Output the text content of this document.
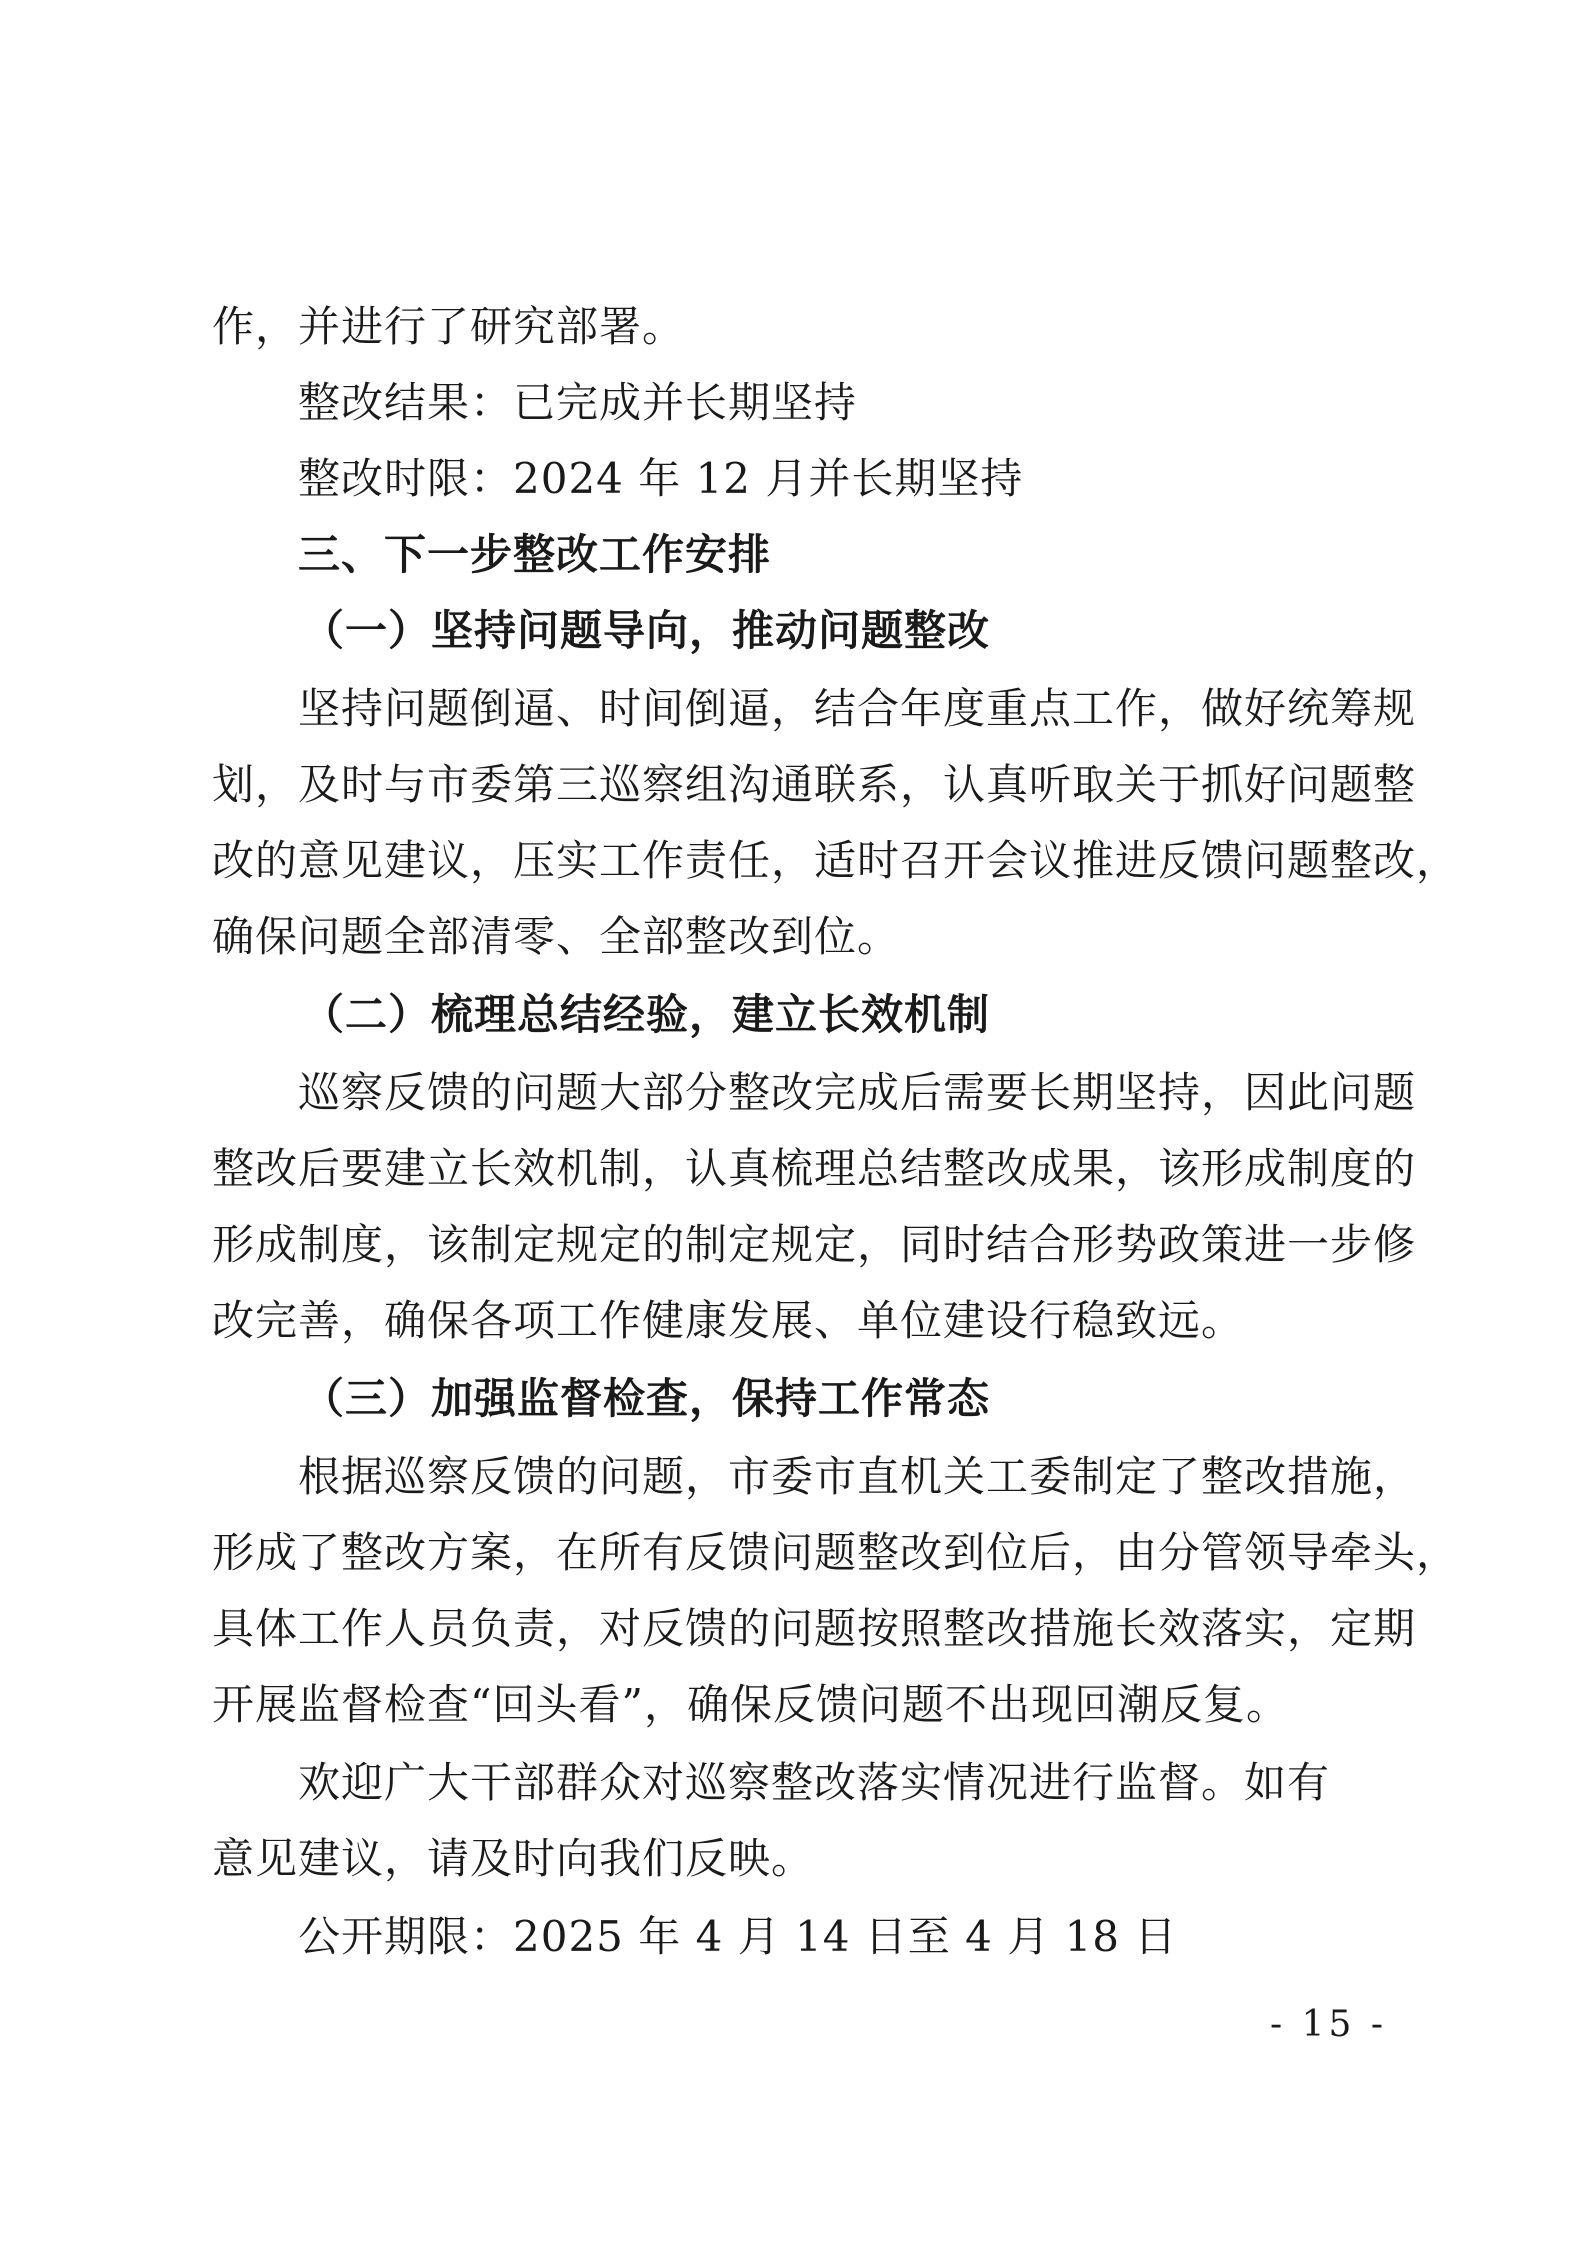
作，并进行了研究部署。
整改结果：已完成并长期坚持
整改时限：2024 年 12 月并长期坚持
三、下一步整改工作安排
（一）坚持问题导向，推动问题整改
坚持问题倒逼、时间倒逼，结合年度重点工作，做好统筹规
划，及时与市委第三巡察组沟通联系，认真听取关于抓好问题整
改的意见建议，压实工作责任，适时召开会议推进反馈问题整改，
确保问题全部清零、全部整改到位。
（二）梳理总结经验，建立长效机制
巡察反馈的问题大部分整改完成后需要长期坚持，因此问题
整改后要建立长效机制，认真梳理总结整改成果，该形成制度的
形成制度，该制定规定的制定规定，同时结合形势政策进一步修
改完善，确保各项工作健康发展、单位建设行稳致远。
（三）加强监督检查，保持工作常态
根据巡察反馈的问题，市委市直机关工委制定了整改措施，
形成了整改方案，在所有反馈问题整改到位后，由分管领导牵头，
具体工作人员负责，对反馈的问题按照整改措施长效落实，定期
开展监督检查“回头看”，确保反馈问题不出现回潮反复。
欢迎广大干部群众对巡察整改落实情况进行监督。如有
意见建议，请及时向我们反映。
公开期限：2025 年 4 月 14 日至 4 月 18 日
- 15 -
